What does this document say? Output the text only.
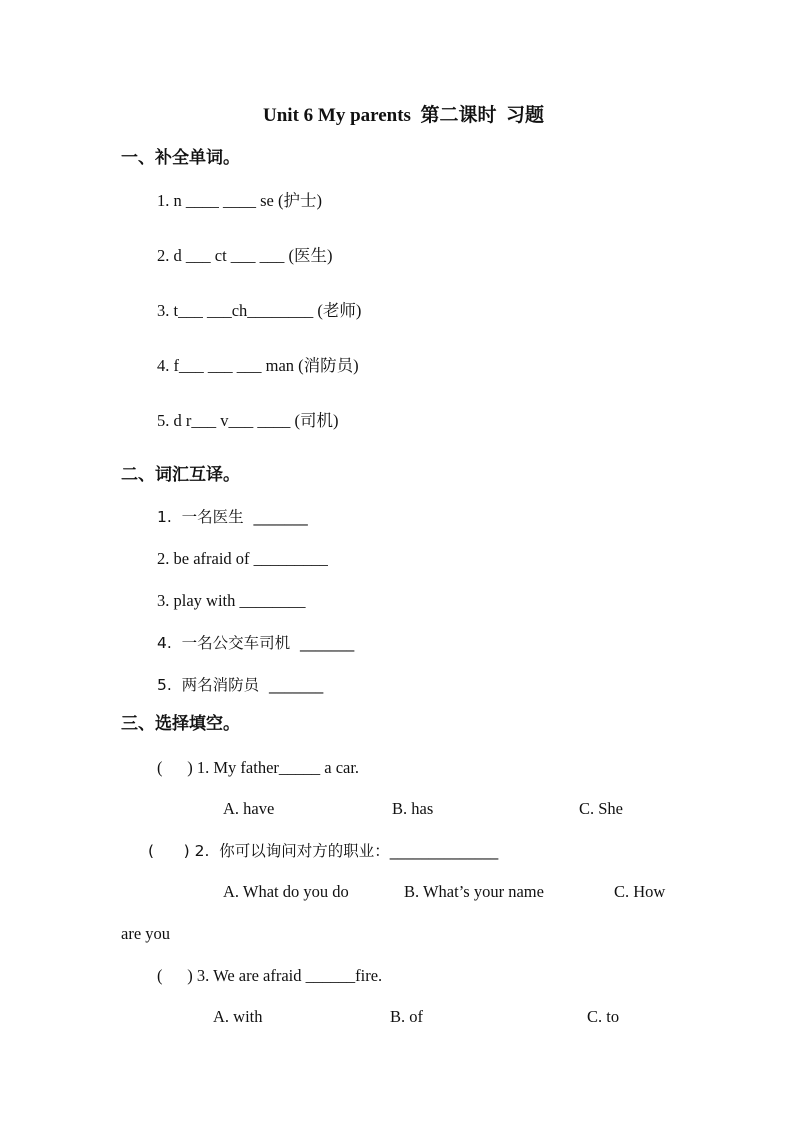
Unit 6 My parents  第二课时  习题
一、补全单词。
1. n ____ ____ se (护士)
2. d ___ ct ___ ___ (医生)
3. t___ ___ch________ (老师)
4. f___ ___ ___ man (消防员)
5. d r___ v___ ____ (司机)
二、词汇互译。
1.  一名医生  _______
2. be afraid of _________
3. play with ________
4.  一名公交车司机  _______
5.  两名消防员  _______
三、选择填空。
(      ) 1. My father_____ a car.
A. have	B. has	C. She
(      ) 2.  你可以询问对方的职业：______________
A. What do you do	B. What’s your name	C. How
are you
(      ) 3. We are afraid ______fire.
A. with	B. of	C. to
